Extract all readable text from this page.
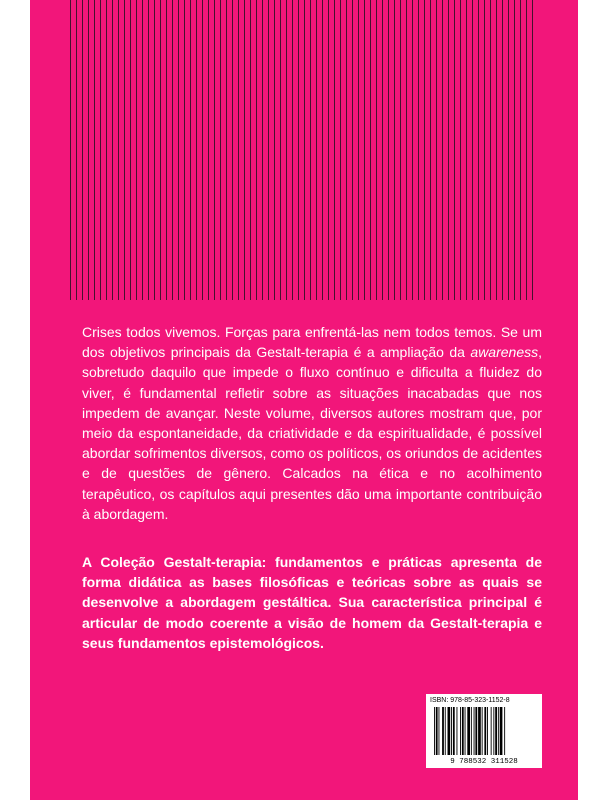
Crises todos vivemos. Forças para enfrentá-las nem todos temos. Se um dos objetivos principais da Gestalt-terapia é a ampliação da awareness, sobretudo daquilo que impede o fluxo contínuo e dificulta a fluidez do viver, é fundamental refletir sobre as situações inacabadas que nos impedem de avançar. Neste volume, diversos autores mostram que, por meio da espontaneidade, da criatividade e da espiritualidade, é possível abordar sofrimentos diversos, como os políticos, os oriundos de acidentes e de questões de gênero. Calcados na ética e no acolhimento terapêutico, os capítulos aqui presentes dão uma importante contribuição à abordagem.

A Coleção Gestalt-terapia: fundamentos e práticas apresenta de forma didática as bases filosóficas e teóricas sobre as quais se desenvolve a abordagem gestáltica. Sua característica principal é articular de modo coerente a visão de homem da Gestalt-terapia e seus fundamentos epistemológicos.

ISBN: 978-85-323-1152-8
9 788532 311528
